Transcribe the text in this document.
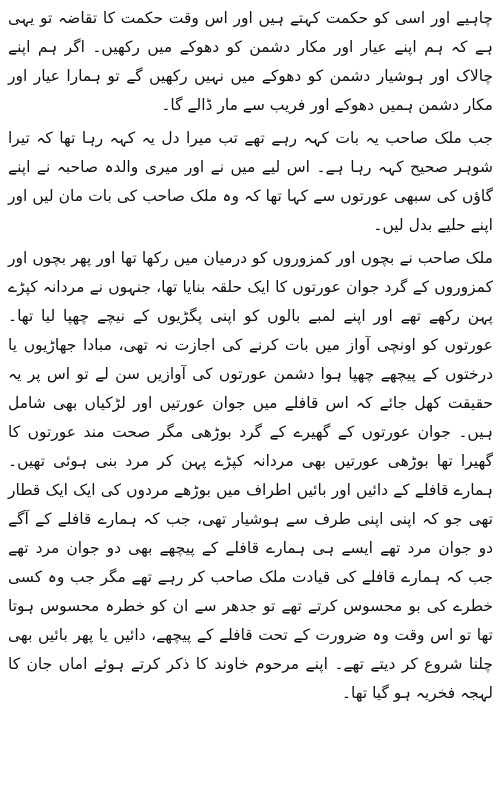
چاہیے اور اسی کو حکمت کہتے ہیں اور اس وقت حکمت کا تقاضہ تو یہی ہے کہ ہم اپنے عیار اور مکار دشمن کو دھوکے میں رکھیں۔ اگر ہم اپنے چالاک اور ہوشیار دشمن کو دھوکے میں نہیں رکھیں گے تو ہمارا عیار اور مکار دشمن ہمیں دھوکے اور فریب سے مار ڈالے گا۔

جب ملک صاحب یہ بات کہہ رہے تھے تب میرا دل یہ کہہ رہا تھا کہ تیرا شوہر صحیح کہہ رہا ہے۔ اس لیے میں نے اور میری والدہ صاحبہ نے اپنے گاؤں کی سبھی عورتوں سے کہا تھا کہ وہ ملک صاحب کی بات مان لیں اور اپنے حلیے بدل لیں۔

ملک صاحب نے بچوں اور کمزوروں کو درمیان میں رکھا تھا اور پھر بچوں اور کمزوروں کے گرد جوان عورتوں کا ایک حلقہ بنایا تھا، جنہوں نے مردانہ کپڑے پہن رکھے تھے اور اپنے لمبے بالوں کو اپنی پگڑیوں کے نیچے چھپا لیا تھا۔ عورتوں کو اونچی آواز میں بات کرنے کی اجازت نہ تھی، مبادا جھاڑیوں یا درختوں کے پیچھے چھپا ہوا دشمن عورتوں کی آوازیں سن لے تو اس پر یہ حقیقت کھل جائے کہ اس قافلے میں جوان عورتیں اور لڑکیاں بھی شامل ہیں۔ جوان عورتوں کے گھیرے کے گرد بوڑھی مگر صحت مند عورتوں کا گھیرا تھا بوڑھی عورتیں بھی مردانہ کپڑے پہن کر مرد بنی ہوئی تھیں۔ ہمارے قافلے کے دائیں اور بائیں اطراف میں بوڑھے مردوں کی ایک ایک قطار تھی جو کہ اپنی اپنی طرف سے ہوشیار تھی، جب کہ ہمارے قافلے کے آگے دو جوان مرد تھے ایسے ہی ہمارے قافلے کے پیچھے بھی دو جوان مرد تھے جب کہ ہمارے قافلے کی قیادت ملک صاحب کر رہے تھے مگر جب وہ کسی خطرے کی بو محسوس کرتے تھے تو جدھر سے ان کو خطرہ محسوس ہوتا تھا تو اس وقت وہ ضرورت کے تحت قافلے کے پیچھے، دائیں یا پھر بائیں بھی چلنا شروع کر دیتے تھے۔ اپنے مرحوم خاوند کا ذکر کرتے ہوئے اماں جان کا لہجہ فخریہ ہو گیا تھا۔
